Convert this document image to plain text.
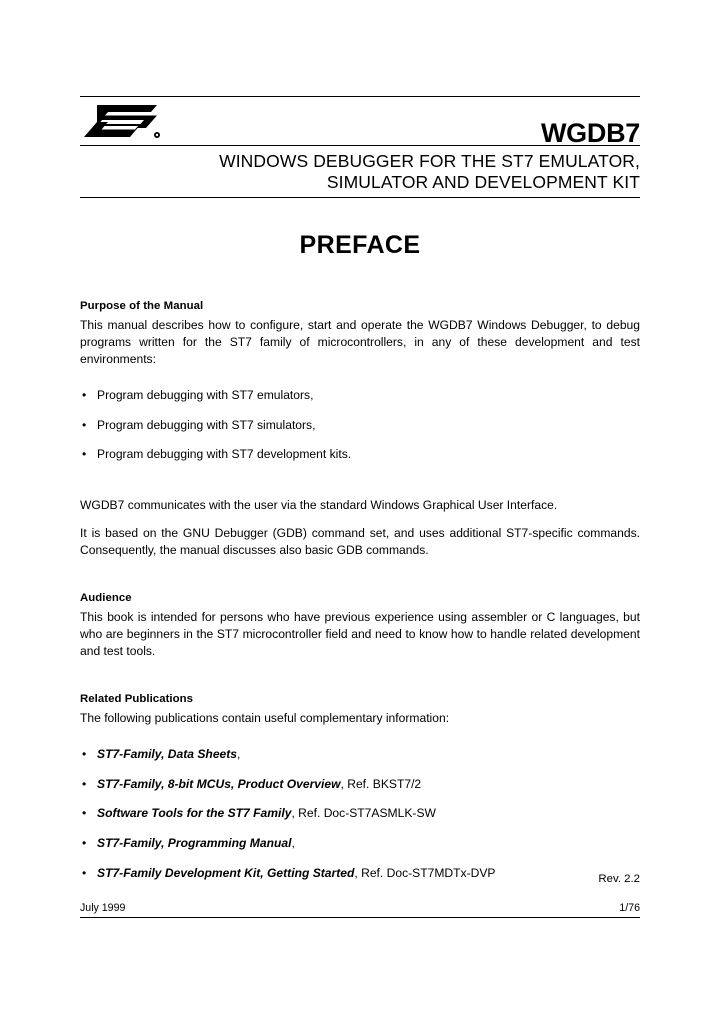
WGDB7
WINDOWS DEBUGGER FOR THE ST7 EMULATOR,
SIMULATOR AND DEVELOPMENT KIT
PREFACE
Purpose of the Manual

This manual describes how to configure, start and operate the WGDB7 Windows Debugger, to debug programs written for the ST7 family of microcontrollers, in any of these development and test environments:

• Program debugging with ST7 emulators,
• Program debugging with ST7 simulators,
• Program debugging with ST7 development kits.

WGDB7 communicates with the user via the standard Windows Graphical User Interface.

It is based on the GNU Debugger (GDB) command set, and uses additional ST7-specific commands. Consequently, the manual discusses also basic GDB commands.

Audience

This book is intended for persons who have previous experience using assembler or C languages, but who are beginners in the ST7 microcontroller field and need to know how to handle related development and test tools.

Related Publications

The following publications contain useful complementary information:

• ST7-Family, Data Sheets,
• ST7-Family, 8-bit MCUs, Product Overview, Ref. BKST7/2
• Software Tools for the ST7 Family, Ref. Doc-ST7ASMLK-SW
• ST7-Family, Programming Manual,
• ST7-Family Development Kit, Getting Started, Ref. Doc-ST7MDTx-DVP	Rev. 2.2
July 1999	1/76
